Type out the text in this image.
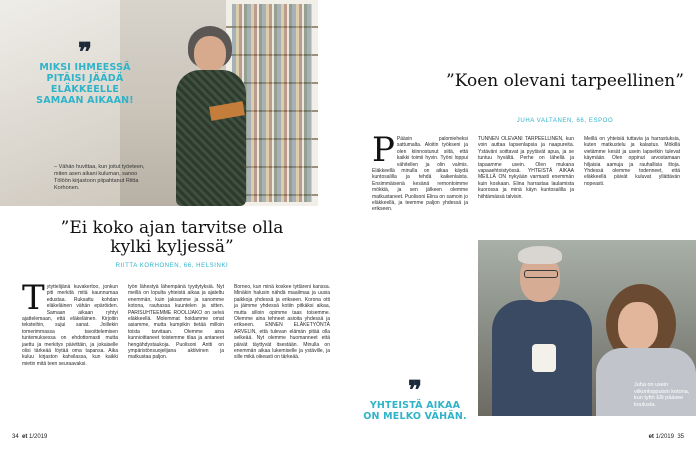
❞
MIKSI IHMEESSÄ PITÄISI JÄÄDÄ ELÄKKEELLE SAMAAN AIKAAN!
– Vähän huvittaa, kun joitut työeteen, miten asen aikani kuluman, sanoo Tölöön kirjastoon piipahtanut Riitta Korhonen.
”Ei koko ajan tarvitse olla kylki kyljessä”
RIITTA KORHONEN, 66, HELSINKI
T ytyttelijänä kuvakertoo, jonkun piti merkitä mitä kaunnumaa edustaa. Ruksattu kohdan eläkeläinen vähän epäröiden. Samaan aikaan ryhtyi ajattelemaan, että eläkeläinen. Kirjoitin teksteihin, sujui sanat. Joillekin tomerimmassa tavoittelemisen tuntemuksessa on ehdottomasti mutta jaettu ja merkitys päivittäin, ja jokaiselle olisi tärkeää löytää oma tapansa. Aika kuluu kirjaston kahvilassa, kun kaikki mietin mitä teen seuraavaksi.
työn lähestyä lähempänä tyydytyksiä. Nyt meillä on lopulta yhteistä aikaa ja ajateltu enemmän, kuin jaksamme ja sanomme kotona, rauhassa kuuntelen ja sitten. PARISUHTEEMME ROOLIJAKO on selvä eläkkeellä. Molemmat hoidamme omat asiamme, mutta kumpikin tietää milloin toista tarvitaan. Olemme aina kunnioittaneet toistemme tilaa ja antaneet hengähdystaukoja. Puolisoni Antti on ympäristönsuojelijana aktiivinen ja matkustaa paljon.
Borneo, kun minä koskee tyttäreni kanssa. Minäkin halusin nähdä maailmaa ja uusia paikkoja yhdessä ja erikseen. Korona otti ja jäimme yhdessä kotiin pitkäksi aikaa, mutta silloin opimme taas toisemme. Olemme aina tehneet asioita yhdessä ja erikseen. ENNEN ELÄKETYÖNTÄ ARVELIN, että tulevan elämän pitää olla selkeää. Nyt olemme huomanneet että päivät täyttyvät itsestään. Minulla on enemmän aikaa lukemiselle ja ystäville, ja sille mikä oikeasti on tärkeää.
34 et 1/2019
”Koen olevani tarpeellinen”
JUHA VALTANEN, 66, ESPOO
P Pääsin palomieheksi sattumalta. Aloitin työkseni ja olen kiinnostunut siitä, että kaikki toimii hyvin. Työni loppui vähitellen ja olin valmis. Eläkkeellä minulla on aikaa käydä kuntosalilla ja tehdä kaikenlaista. Ensimmäisenä kesänä remontoimme mökkiä, ja sen jälkeen olemme matkustaneet. Puolisoni Elina on samoin jo eläkkeellä, ja teemme paljon yhdessä ja erikseen.
TUNNEN OLEVANI TARPEELLINEN, kun voin auttaa lapsenlapsia ja naapureita. Ystäväni soittavat ja pyytävät apua, ja se tuntuu hyvältä. Perhe on lähellä ja tapaamme usein. Olen mukana vapaaehtoistyössä. YHTEISTÄ AIKAA MEILLÄ ON nykyään varmasti enemmän kuin koskaan. Elina harrastaa laulamista kuorossa ja minä käyn kuntosalilla ja hiihtämässä talvisin.
Meillä on yhteisiä tuttavia ja harrastuksia, kuten matkustelu ja kalastus. Mökillä vietämme kesät ja usein lapsetkin tulevat käymään. Olen oppinut arvostamaan hiljaisia aamuja ja rauhallisia iltoja. Yhdessä olemme todenneet, että eläkkeellä päivät kuluvat yllättävän nopeasti.
Juha on usein viikonloppuisin kotona, kun tyttö Elli pääsee koulusta.
❞
YHTEISTÄ AIKAA ON MELKO VÄHÄN.
et 1/2019 35
